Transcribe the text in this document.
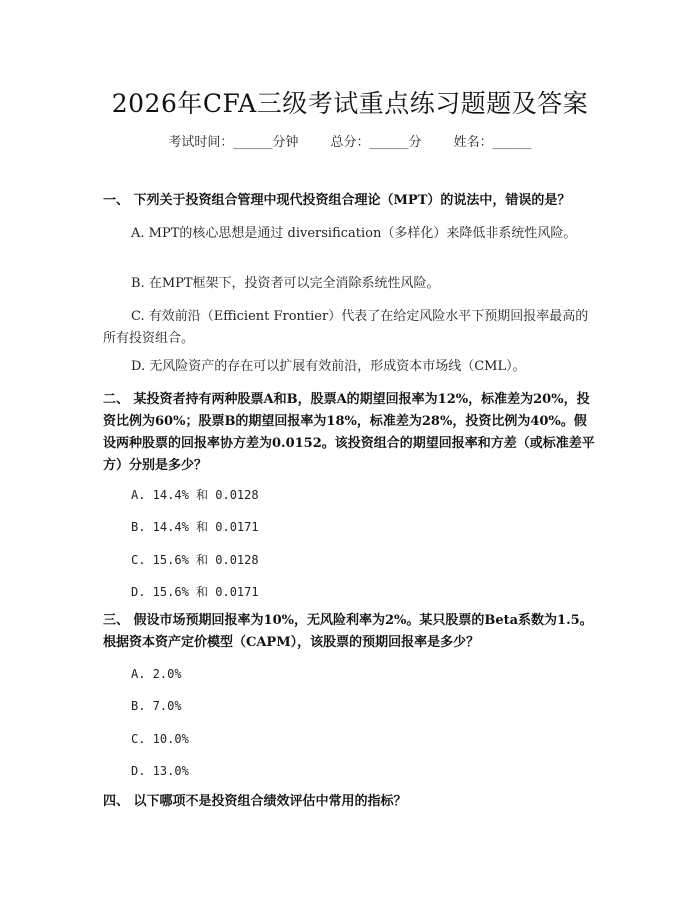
2026年CFA三级考试重点练习题题及答案
考试时间：______分钟 总分：______分 姓名：______
一、 下列关于投资组合管理中现代投资组合理论（MPT）的说法中，错误的是？
A. MPT的核心思想是通过 diversification（多样化）来降低非系统性风险。
B. 在MPT框架下，投资者可以完全消除系统性风险。
C. 有效前沿（Efficient Frontier）代表了在给定风险水平下预期回报率最高的所有投资组合。
D. 无风险资产的存在可以扩展有效前沿，形成资本市场线（CML）。
二、 某投资者持有两种股票A和B，股票A的期望回报率为12%，标准差为20%，投资比例为60%；股票B的期望回报率为18%，标准差为28%，投资比例为40%。假设两种股票的回报率协方差为0.0152。该投资组合的期望回报率和方差（或标准差平方）分别是多少？
A. 14.4% 和 0.0128
B. 14.4% 和 0.0171
C. 15.6% 和 0.0128
D. 15.6% 和 0.0171
三、 假设市场预期回报率为10%，无风险利率为2%。某只股票的Beta系数为1.5。根据资本资产定价模型（CAPM），该股票的预期回报率是多少？
A. 2.0%
B. 7.0%
C. 10.0%
D. 13.0%
四、 以下哪项不是投资组合绩效评估中常用的指标？
